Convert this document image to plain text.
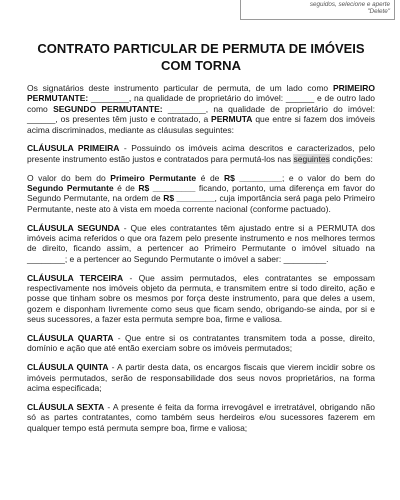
seguidos, selecione e aperte
"Delete"
CONTRATO PARTICULAR DE PERMUTA DE IMÓVEIS COM TORNA

Os signatários deste instrumento particular de permuta, de um lado como PRIMEIRO PERMUTANTE: ________, na qualidade de proprietário do imóvel: ______ e de outro lado como SEGUNDO PERMUTANTE: ________, na qualidade de proprietário do imóvel: ______, os presentes têm justo e contratado, a PERMUTA que entre si fazem dos imóveis acima discriminados, mediante as cláusulas seguintes:

CLÁUSULA PRIMEIRA - Possuindo os imóveis acima descritos e caracterizados, pelo presente instrumento estão justos e contratados para permutá-los nas seguintes condições:

O valor do bem do Primeiro Permutante é de R$ _________; e o valor do bem do Segundo Permutante é de R$ _________ ficando, portanto, uma diferença em favor do Segundo Permutante, na ordem de R$ ________, cuja importância será paga pelo Primeiro Permutante, neste ato à vista em moeda corrente nacional (conforme pactuado).

CLÁUSULA SEGUNDA - Que eles contratantes têm ajustado entre si a PERMUTA dos imóveis acima referidos o que ora fazem pelo presente instrumento e nos melhores termos de direito, ficando assim, a pertencer ao Primeiro Permutante o imóvel situado na ________; e a pertencer ao Segundo Permutante o imóvel a saber: _________.

CLÁUSULA TERCEIRA - Que assim permutados, eles contratantes se empossam respectivamente nos imóveis objeto da permuta, e transmitem entre si todo direito, ação e posse que tinham sobre os mesmos por força deste instrumento, para que deles a usem, gozem e disponham livremente como seus que ficam sendo, obrigando-se ainda, por si e seus sucessores, a fazer esta permuta sempre boa, firme e valiosa.

CLÁUSULA QUARTA - Que entre si os contratantes transmitem toda a posse, direito, domínio e ação que até então exerciam sobre os imóveis permutados;

CLÁUSULA QUINTA - A partir desta data, os encargos fiscais que vierem incidir sobre os imóveis permutados, serão de responsabilidade dos seus novos proprietários, na forma acima especificada;

CLÁUSULA SEXTA - A presente é feita da forma irrevogável e irretratável, obrigando não só as partes contratantes, como também seus herdeiros e/ou sucessores fazerem em qualquer tempo está permuta sempre boa, firme e valiosa;
